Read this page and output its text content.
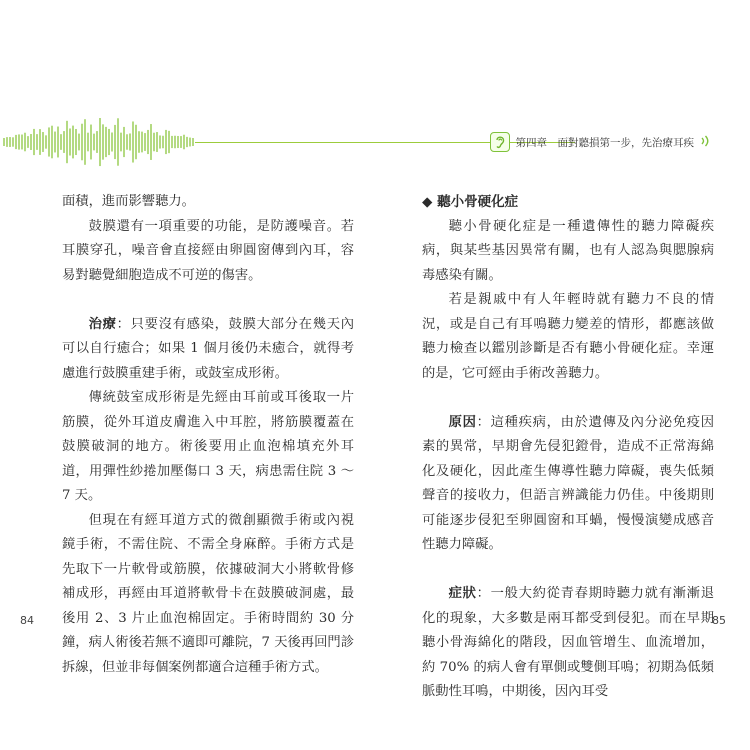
第四章　面對聽損第一步，先治療耳疾

面積，進而影響聽力。

鼓膜還有一項重要的功能，是防護噪音。若耳膜穿孔，噪音會直接經由卵圓窗傳到內耳，容易對聽覺細胞造成不可逆的傷害。

治療：只要沒有感染，鼓膜大部分在幾天內可以自行癒合；如果 1 個月後仍未癒合，就得考慮進行鼓膜重建手術，或鼓室成形術。

傳統鼓室成形術是先經由耳前或耳後取一片筋膜，從外耳道皮膚進入中耳腔，將筋膜覆蓋在鼓膜破洞的地方。術後要用止血泡棉填充外耳道，用彈性紗捲加壓傷口 3 天，病患需住院 3 ～ 7 天。

但現在有經耳道方式的微創顯微手術或內視鏡手術，不需住院、不需全身麻醉。手術方式是先取下一片軟骨或筋膜，依據破洞大小將軟骨修補成形，再經由耳道將軟骨卡在鼓膜破洞處，最後用 2、3 片止血泡棉固定。手術時間約 30 分鐘，病人術後若無不適即可離院，7 天後再回門診拆線，但並非每個案例都適合這種手術方式。

84

◆ 聽小骨硬化症

聽小骨硬化症是一種遺傳性的聽力障礙疾病，與某些基因異常有關，也有人認為與腮腺病毒感染有關。

若是親戚中有人年輕時就有聽力不良的情況，或是自己有耳鳴聽力變差的情形，都應該做聽力檢查以鑑別診斷是否有聽小骨硬化症。幸運的是，它可經由手術改善聽力。

原因：這種疾病，由於遺傳及內分泌免疫因素的異常，早期會先侵犯鐙骨，造成不正常海綿化及硬化，因此產生傳導性聽力障礙，喪失低頻聲音的接收力，但語言辨識能力仍佳。中後期則可能逐步侵犯至卵圓窗和耳蝸，慢慢演變成感音性聽力障礙。

症狀：一般大約從青春期時聽力就有漸漸退化的現象，大多數是兩耳都受到侵犯。而在早期聽小骨海綿化的階段，因血管增生、血流增加，約 70% 的病人會有單側或雙側耳鳴；初期為低頻脈動性耳鳴，中期後，因內耳受

85
